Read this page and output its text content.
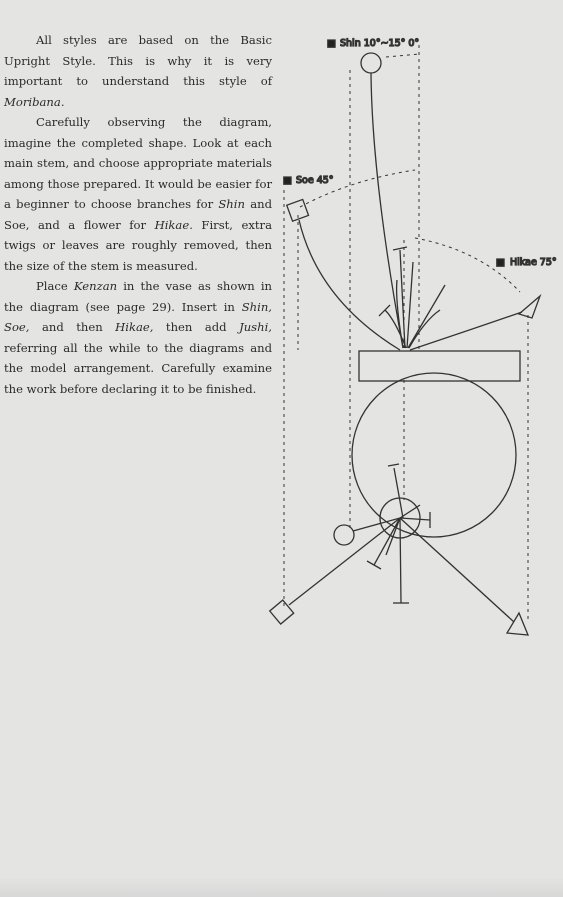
All styles are based on the Basic Upright Style. This is why it is very important to understand this style of Moribana.

Carefully observing the diagram, imagine the completed shape. Look at each main stem, and choose appropriate materials among those prepared. It would be easier for a beginner to choose branches for Shin and Soe, and a flower for Hikae. First, extra twigs or leaves are roughly removed, then the size of the stem is measured.

Place Kenzan in the vase as shown in the diagram (see page 29). Insert in Shin, Soe, and then Hikae, then add Jushi, referring all the while to the diagrams and the model arrangement. Carefully examine the work before declaring it to be finished.

■ Shin 10°~15° 0°
■ Soe 45°
■ Hikae 75°
